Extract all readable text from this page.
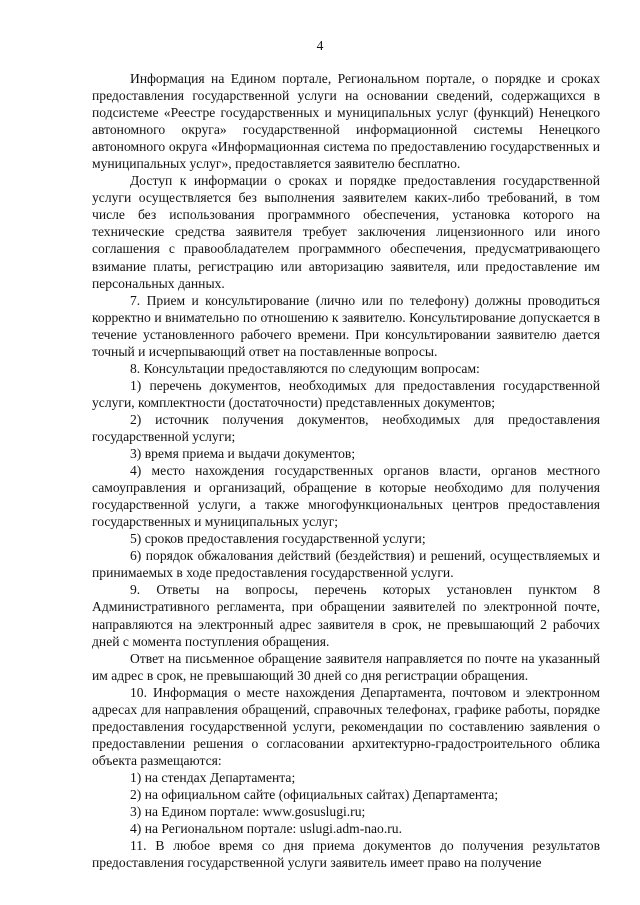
4

Информация на Едином портале, Региональном портале, о порядке и сроках предоставления государственной услуги на основании сведений, содержащихся в подсистеме «Реестре государственных и муниципальных услуг (функций) Ненецкого автономного округа» государственной информационной системы Ненецкого автономного округа «Информационная система по предоставлению государственных и муниципальных услуг», предоставляется заявителю бесплатно.

Доступ к информации о сроках и порядке предоставления государственной услуги осуществляется без выполнения заявителем каких-либо требований, в том числе без использования программного обеспечения, установка которого на технические средства заявителя требует заключения лицензионного или иного соглашения с правообладателем программного обеспечения, предусматривающего взимание платы, регистрацию или авторизацию заявителя, или предоставление им персональных данных.

7. Прием и консультирование (лично или по телефону) должны проводиться корректно и внимательно по отношению к заявителю. Консультирование допускается в течение установленного рабочего времени. При консультировании заявителю дается точный и исчерпывающий ответ на поставленные вопросы.

8. Консультации предоставляются по следующим вопросам:

1) перечень документов, необходимых для предоставления государственной услуги, комплектности (достаточности) представленных документов;

2) источник получения документов, необходимых для предоставления государственной услуги;

3) время приема и выдачи документов;

4) место нахождения государственных органов власти, органов местного самоуправления и организаций, обращение в которые необходимо для получения государственной услуги, а также многофункциональных центров предоставления государственных и муниципальных услуг;

5) сроков предоставления государственной услуги;

6) порядок обжалования действий (бездействия) и решений, осуществляемых и принимаемых в ходе предоставления государственной услуги.

9. Ответы на вопросы, перечень которых установлен пунктом 8 Административного регламента, при обращении заявителей по электронной почте, направляются на электронный адрес заявителя в срок, не превышающий 2 рабочих дней с момента поступления обращения.

Ответ на письменное обращение заявителя направляется по почте на указанный им адрес в срок, не превышающий 30 дней со дня регистрации обращения.

10. Информация о месте нахождения Департамента, почтовом и электронном адресах для направления обращений, справочных телефонах, графике работы, порядке предоставления государственной услуги, рекомендации по составлению заявления о предоставлении решения о согласовании архитектурно-градостроительного облика объекта размещаются:

1) на стендах Департамента;

2) на официальном сайте (официальных сайтах) Департамента;

3) на Едином портале: www.gosuslugi.ru;

4) на Региональном портале: uslugi.adm-nao.ru.

11. В любое время со дня приема документов до получения результатов предоставления государственной услуги заявитель имеет право на получение
